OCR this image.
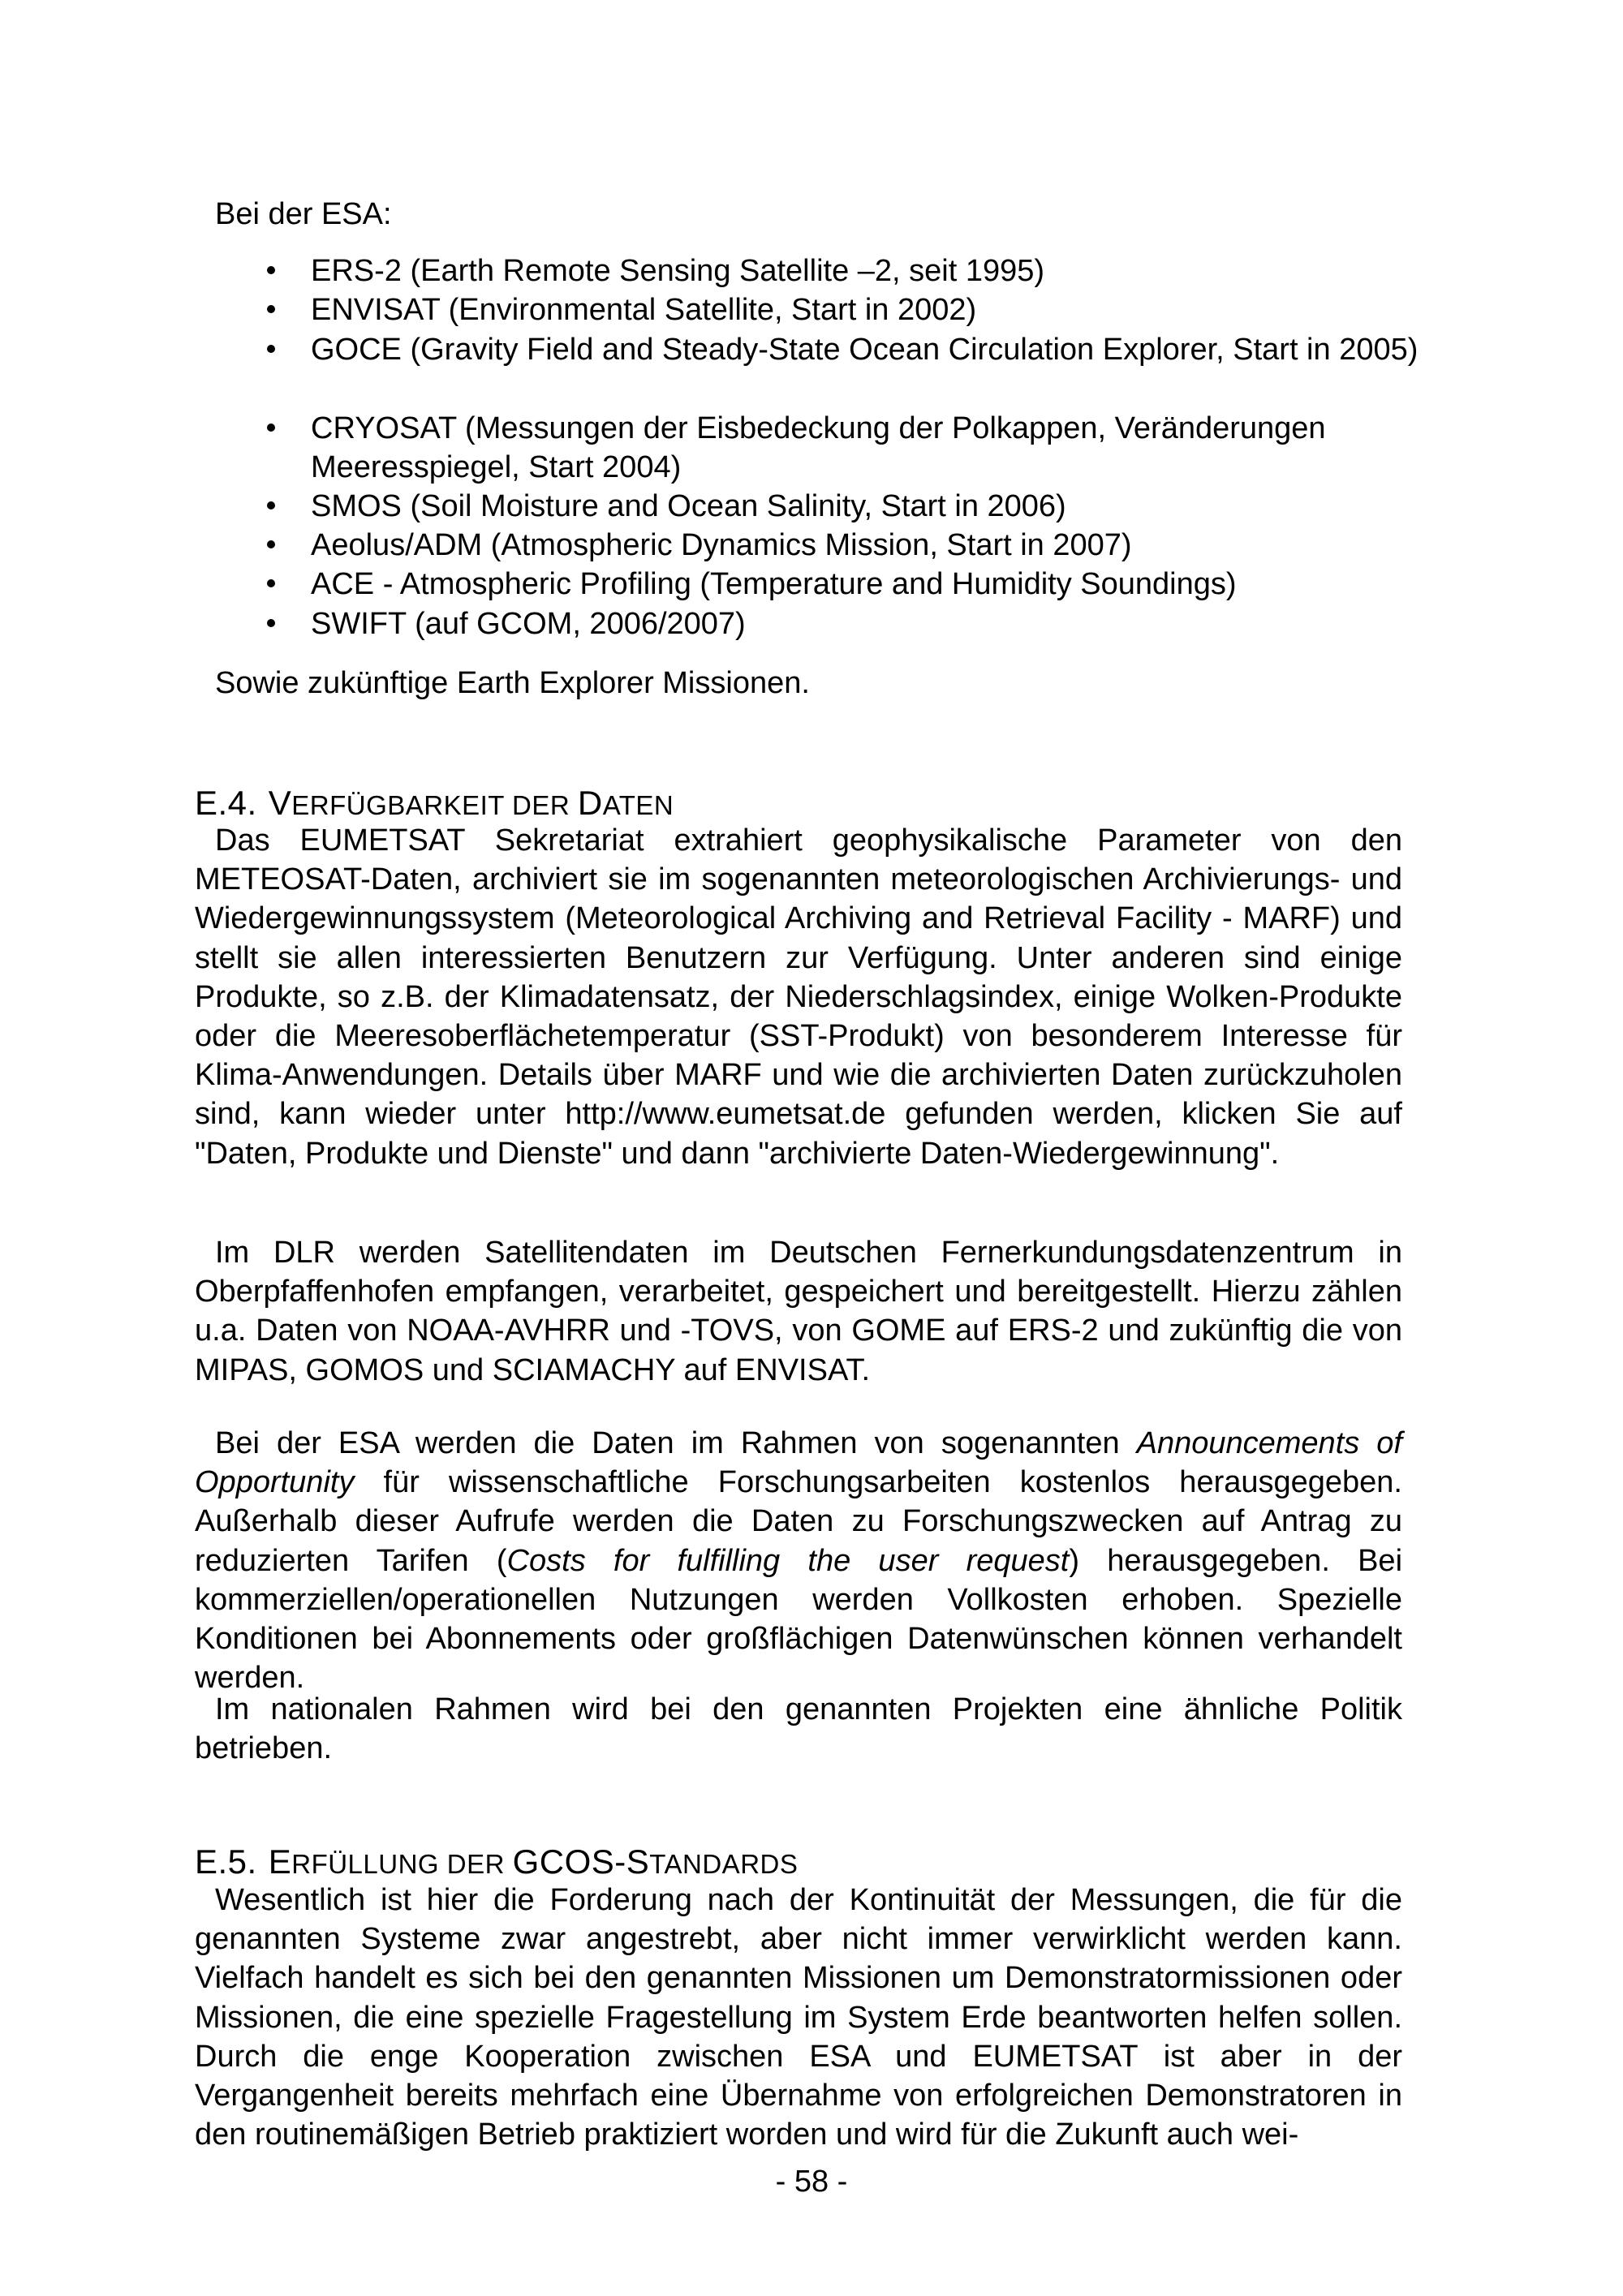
Bei der ESA:

ERS-2 (Earth Remote Sensing Satellite –2, seit 1995)
ENVISAT (Environmental Satellite, Start in 2002)
GOCE (Gravity Field and Steady-State Ocean Circulation Explorer, Start in 2005)
CRYOSAT (Messungen der Eisbedeckung der Polkappen, Veränderungen Meeresspiegel, Start 2004)
SMOS (Soil Moisture and Ocean Salinity, Start in 2006)
Aeolus/ADM (Atmospheric Dynamics Mission, Start in 2007)
ACE - Atmospheric Profiling (Temperature and Humidity Soundings)
SWIFT (auf GCOM, 2006/2007)

Sowie zukünftige Earth Explorer Missionen.

E.4. VERFÜGBARKEIT DER DATEN

Das EUMETSAT Sekretariat extrahiert geophysikalische Parameter von den METEOSAT-Daten, archiviert sie im sogenannten meteorologischen Archivierungs- und Wiedergewinnungssystem (Meteorological Archiving and Retrieval Facility - MARF) und stellt sie allen interessierten Benutzern zur Verfügung. Unter anderen sind einige Produkte, so z.B. der Klimadatensatz, der Niederschlagsindex, einige Wolken-Produkte oder die Meeresoberflächetemperatur (SST-Produkt) von besonderem Interesse für Klima-Anwendungen. Details über MARF und wie die archivierten Daten zurückzuholen sind, kann wieder unter http://www.eumetsat.de gefunden werden, klicken Sie auf "Daten, Produkte und Dienste" und dann "archivierte Daten-Wiedergewinnung".

Im DLR werden Satellitendaten im Deutschen Fernerkundungsdatenzentrum in Oberpfaffenhofen empfangen, verarbeitet, gespeichert und bereitgestellt. Hierzu zählen u.a. Daten von NOAA-AVHRR und -TOVS, von GOME auf ERS-2 und zukünftig die von MIPAS, GOMOS und SCIAMACHY auf ENVISAT.

Bei der ESA werden die Daten im Rahmen von sogenannten Announcements of Opportunity für wissenschaftliche Forschungsarbeiten kostenlos herausgegeben. Außerhalb dieser Aufrufe werden die Daten zu Forschungszwecken auf Antrag zu reduzierten Tarifen (Costs for fulfilling the user request) herausgegeben. Bei kommerziellen/operationellen Nutzungen werden Vollkosten erhoben. Spezielle Konditionen bei Abonnements oder großflächigen Datenwünschen können verhandelt werden.

Im nationalen Rahmen wird bei den genannten Projekten eine ähnliche Politik betrieben.

E.5. ERFÜLLUNG DER GCOS-STANDARDS

Wesentlich ist hier die Forderung nach der Kontinuität der Messungen, die für die genannten Systeme zwar angestrebt, aber nicht immer verwirklicht werden kann. Vielfach handelt es sich bei den genannten Missionen um Demonstratormissionen oder Missionen, die eine spezielle Fragestellung im System Erde beantworten helfen sollen. Durch die enge Kooperation zwischen ESA und EUMETSAT ist aber in der Vergangenheit bereits mehrfach eine Übernahme von erfolgreichen Demonstratoren in den routinemäßigen Betrieb praktiziert worden und wird für die Zukunft auch wei-

- 58 -
